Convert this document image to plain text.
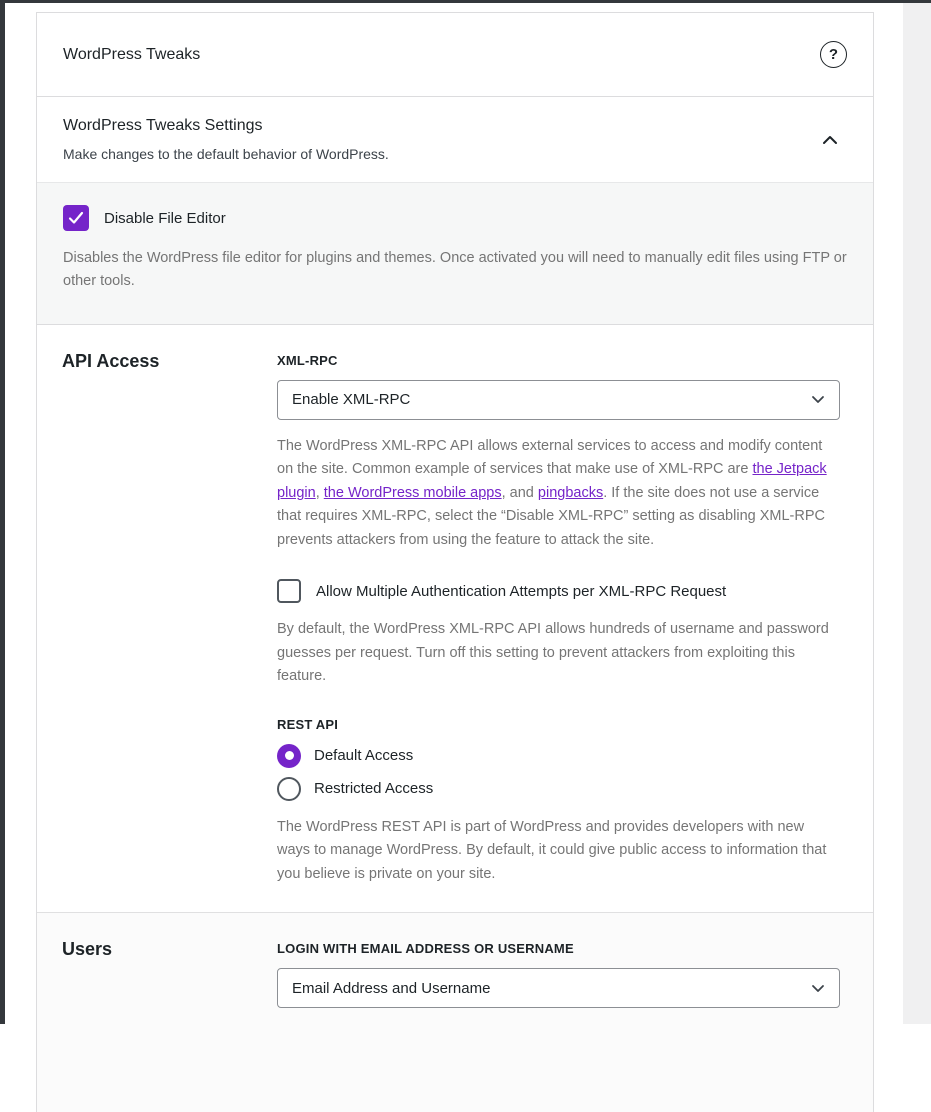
WordPress Tweaks	?
WordPress Tweaks Settings
Make changes to the default behavior of WordPress.
Disable File Editor

Disables the WordPress file editor for plugins and themes. Once activated you will need to manually edit files using FTP or other tools.

API Access	XML-RPC
Enable XML-RPC

The WordPress XML-RPC API allows external services to access and modify content on the site. Common example of services that make use of XML-RPC are the Jetpack plugin, the WordPress mobile apps, and pingbacks. If the site does not use a service that requires XML-RPC, select the “Disable XML-RPC” setting as disabling XML-RPC prevents attackers from using the feature to attack the site.

Allow Multiple Authentication Attempts per XML-RPC Request

By default, the WordPress XML-RPC API allows hundreds of username and password guesses per request. Turn off this setting to prevent attackers from exploiting this feature.

REST API
Default Access
Restricted Access

The WordPress REST API is part of WordPress and provides developers with new ways to manage WordPress. By default, it could give public access to information that you believe is private on your site.

Users	LOGIN WITH EMAIL ADDRESS OR USERNAME
Email Address and Username
